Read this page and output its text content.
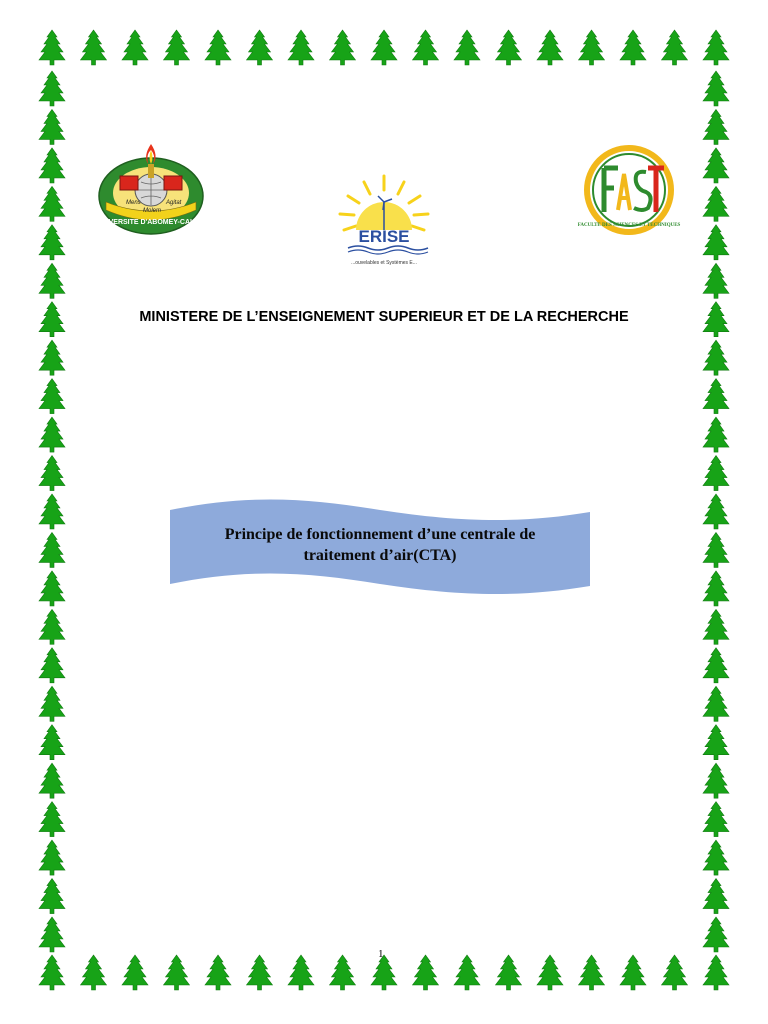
Mens	Agitat
Molem
UNIVERSITE D'ABOMEY-CALAVI
ERISE
...ouvelables et Systèmes E...
FACULTE DES SCIENCES ET TECHNIQUES
MINISTERE DE L’ENSEIGNEMENT SUPERIEUR ET DE LA RECHERCHE
Principe de fonctionnement d’une centrale de
traitement d’air(CTA)
1
